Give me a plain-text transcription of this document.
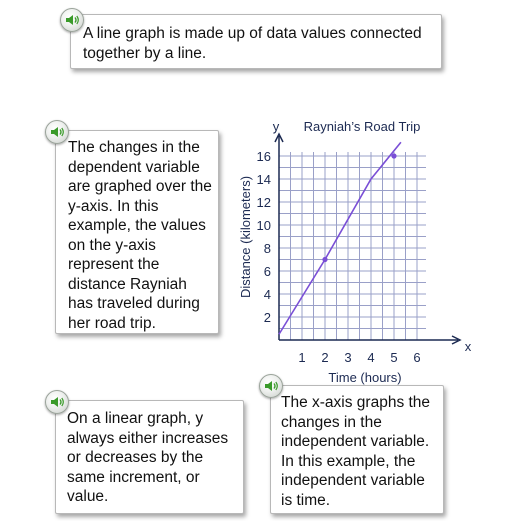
A line graph is made up of data values connected together by a line.
The changes in the dependent variable are graphed over the y-axis. In this example, the values on the y-axis represent the distance Rayniah has traveled during her road trip.
On a linear graph, y always either increases or decreases by the same increment, or value.
The x-axis graphs the changes in the independent variable. In this example, the independent variable is time.
Rayniah’s Road Trip
y
x
Time (hours)
Distance (kilometers)
1 2 3 4 5 6
2
4
6
8
10
12
14
16
